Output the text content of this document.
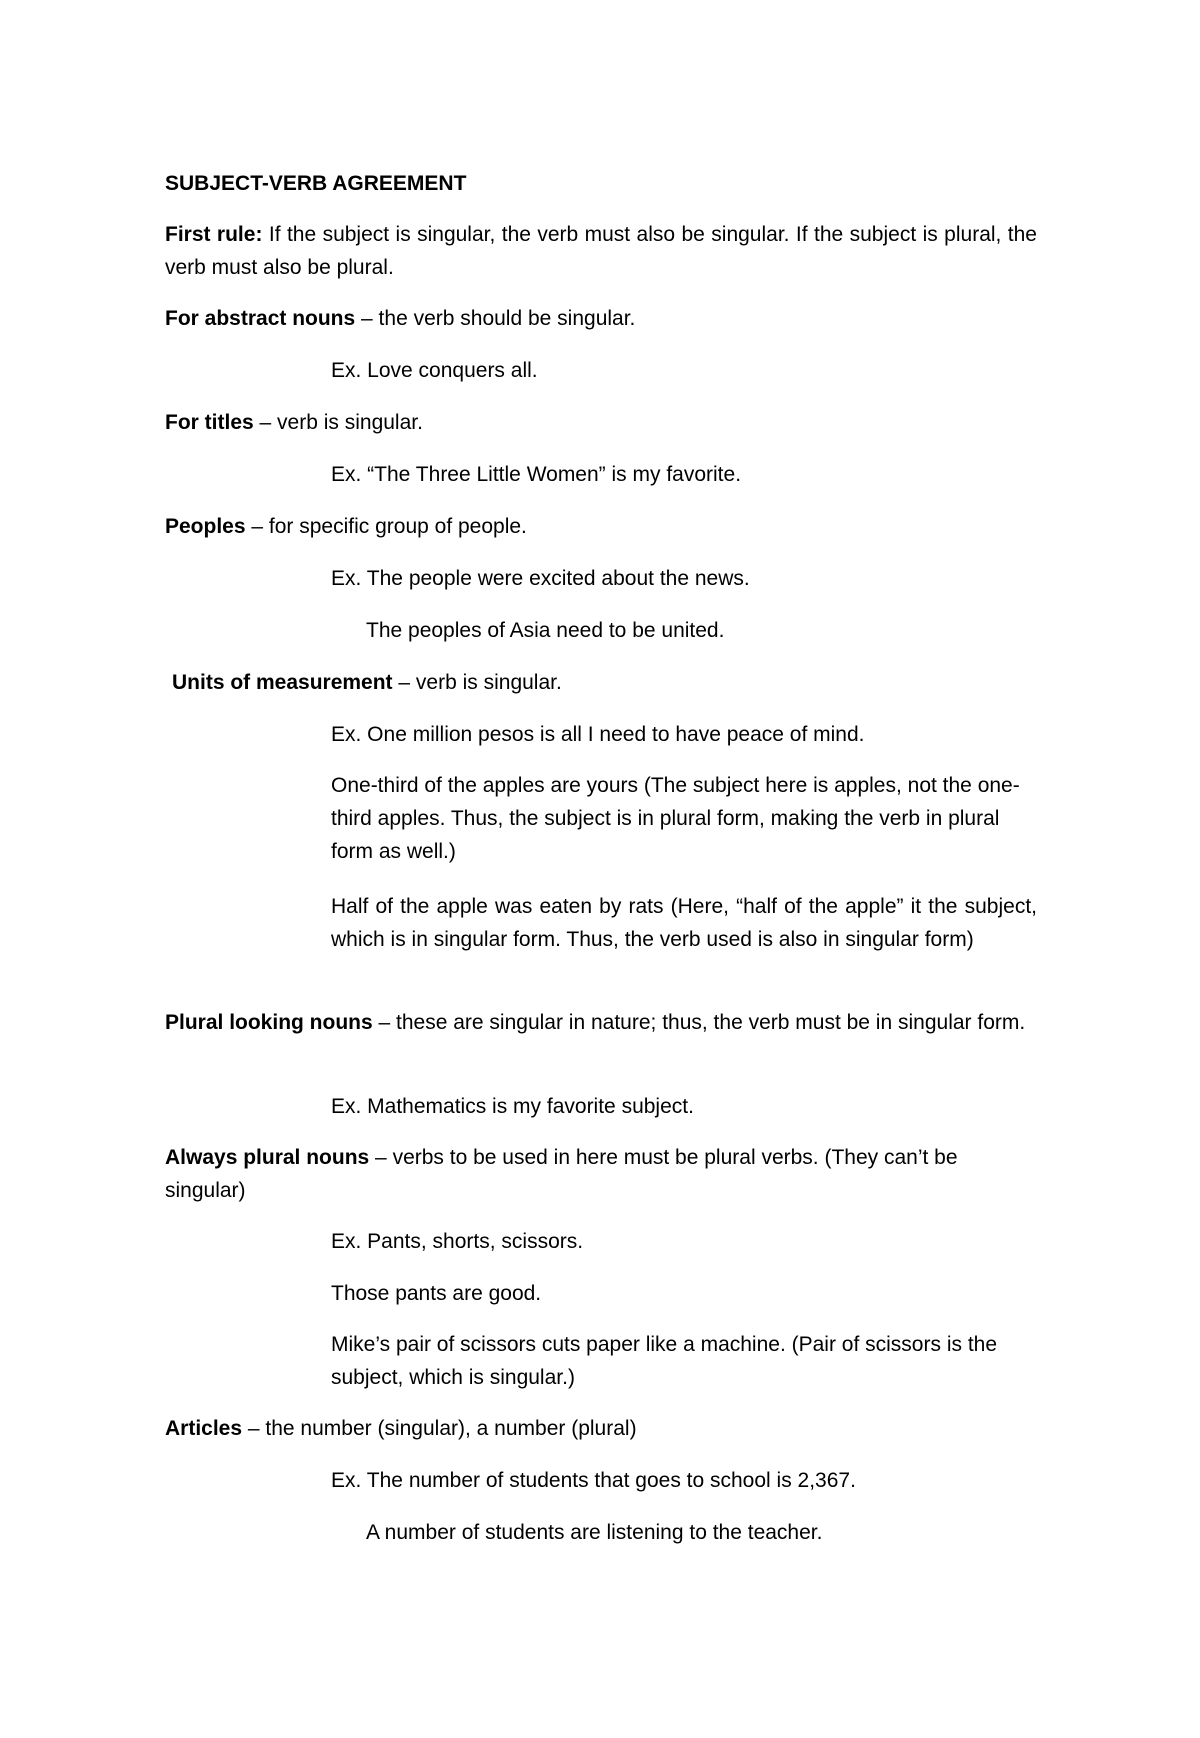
SUBJECT-VERB AGREEMENT

First rule: If the subject is singular, the verb must also be singular. If the subject is plural, the verb must also be plural.

For abstract nouns – the verb should be singular.

Ex. Love conquers all.

For titles – verb is singular.

Ex. “The Three Little Women” is my favorite.

Peoples – for specific group of people.

Ex. The people were excited about the news.

The peoples of Asia need to be united.

Units of measurement – verb is singular.

Ex. One million pesos is all I need to have peace of mind.

One-third of the apples are yours (The subject here is apples, not the one-third apples. Thus, the subject is in plural form, making the verb in plural form as well.)

Half of the apple was eaten by rats (Here, “half of the apple” it the subject, which is in singular form. Thus, the verb used is also in singular form)

Plural looking nouns – these are singular in nature; thus, the verb must be in singular form.

Ex. Mathematics is my favorite subject.

Always plural nouns – verbs to be used in here must be plural verbs. (They can’t be singular)

Ex. Pants, shorts, scissors.

Those pants are good.

Mike’s pair of scissors cuts paper like a machine. (Pair of scissors is the subject, which is singular.)

Articles – the number (singular), a number (plural)

Ex. The number of students that goes to school is 2,367.

A number of students are listening to the teacher.
